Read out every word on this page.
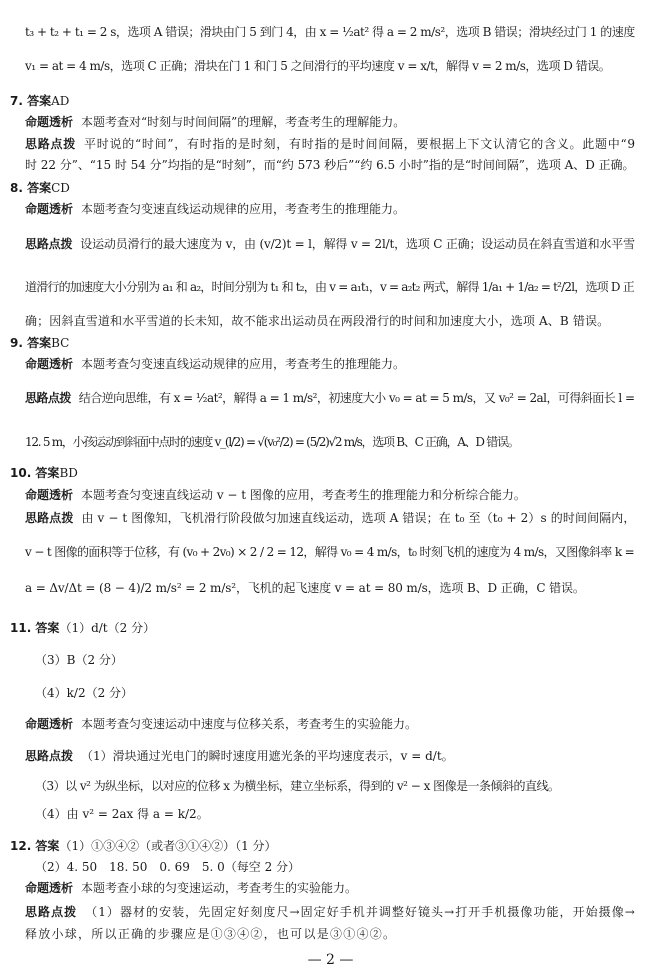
t₃ + t₂ + t₁ = 2 s，选项 A 错误；滑块由门 5 到门 4，由 x = ½at² 得 a = 2 m/s²，选项 B 错误；滑块经过门 1 的速度
v₁ = at = 4 m/s，选项 C 正确；滑块在门 1 和门 5 之间滑行的平均速度 v = x/t，解得 v = 2 m/s，选项 D 错误。
7. 答案AD
命题透析 本题考查对“时刻与时间间隔”的理解，考查考生的理解能力。
思路点拨 平时说的“时间”，有时指的是时刻，有时指的是时间间隔，要根据上下文认清它的含义。此题中“9
时 22 分”、“15 时 54 分”均指的是“时刻”，而“约 573 秒后”“约 6.5 小时”指的是“时间间隔”，选项 A、D 正确。
8. 答案CD
命题透析 本题考查匀变速直线运动规律的应用，考查考生的推理能力。
思路点拨 设运动员滑行的最大速度为 v，由 (v/2)t = l，解得 v = 2l/t，选项 C 正确；设运动员在斜直雪道和水平雪
道滑行的加速度大小分别为 a₁ 和 a₂，时间分别为 t₁ 和 t₂，由 v = a₁t₁，v = a₂t₂ 两式，解得 1/a₁ + 1/a₂ = t²/2l，选项 D 正
确；因斜直雪道和水平雪道的长未知，故不能求出运动员在两段滑行的时间和加速度大小，选项 A、B 错误。
9. 答案BC
命题透析 本题考查匀变速直线运动规律的应用，考查考生的推理能力。
思路点拨 结合逆向思维，有 x = ½at²，解得 a = 1 m/s²，初速度大小 v₀ = at = 5 m/s，又 v₀² = 2al，可得斜面长 l =
12. 5 m，小孩运动到斜面中点时的速度 v_(l/2) = √(v₀²/2) = (5/2)√2 m/s，选项 B、C 正确，A、D 错误。
10. 答案BD
命题透析 本题考查匀变速直线运动 v − t 图像的应用，考查考生的推理能力和分析综合能力。
思路点拨 由 v − t 图像知，飞机滑行阶段做匀加速直线运动，选项 A 错误；在 t₀ 至（t₀ + 2）s 的时间间隔内，
v − t 图像的面积等于位移，有 (v₀ + 2v₀) × 2 / 2 = 12，解得 v₀ = 4 m/s，t₀ 时刻飞机的速度为 4 m/s，又图像斜率 k =
a = Δv/Δt = (8 − 4)/2 m/s² = 2 m/s²，飞机的起飞速度 v = at = 80 m/s，选项 B、D 正确，C 错误。
11. 答案（1）d/t（2 分）
（3）B（2 分）
（4）k/2（2 分）
命题透析 本题考查匀变速运动中速度与位移关系，考查考生的实验能力。
思路点拨 （1）滑块通过光电门的瞬时速度用遮光条的平均速度表示，v = d/t。
（3）以 v² 为纵坐标，以对应的位移 x 为横坐标，建立坐标系，得到的 v² − x 图像是一条倾斜的直线。
（4）由 v² = 2ax 得 a = k/2。
12. 答案（1）①③④②（或者③①④②）（1 分）
（2）4. 50　18. 50　0. 69　5. 0（每空 2 分）
命题透析 本题考查小球的匀变速运动，考查考生的实验能力。
思路点拨 （1）器材的安装，先固定好刻度尺→固定好手机并调整好镜头→打开手机摄像功能，开始摄像→
释放小球，所以正确的步骤应是①③④②，也可以是③①④②。
— 2 —
